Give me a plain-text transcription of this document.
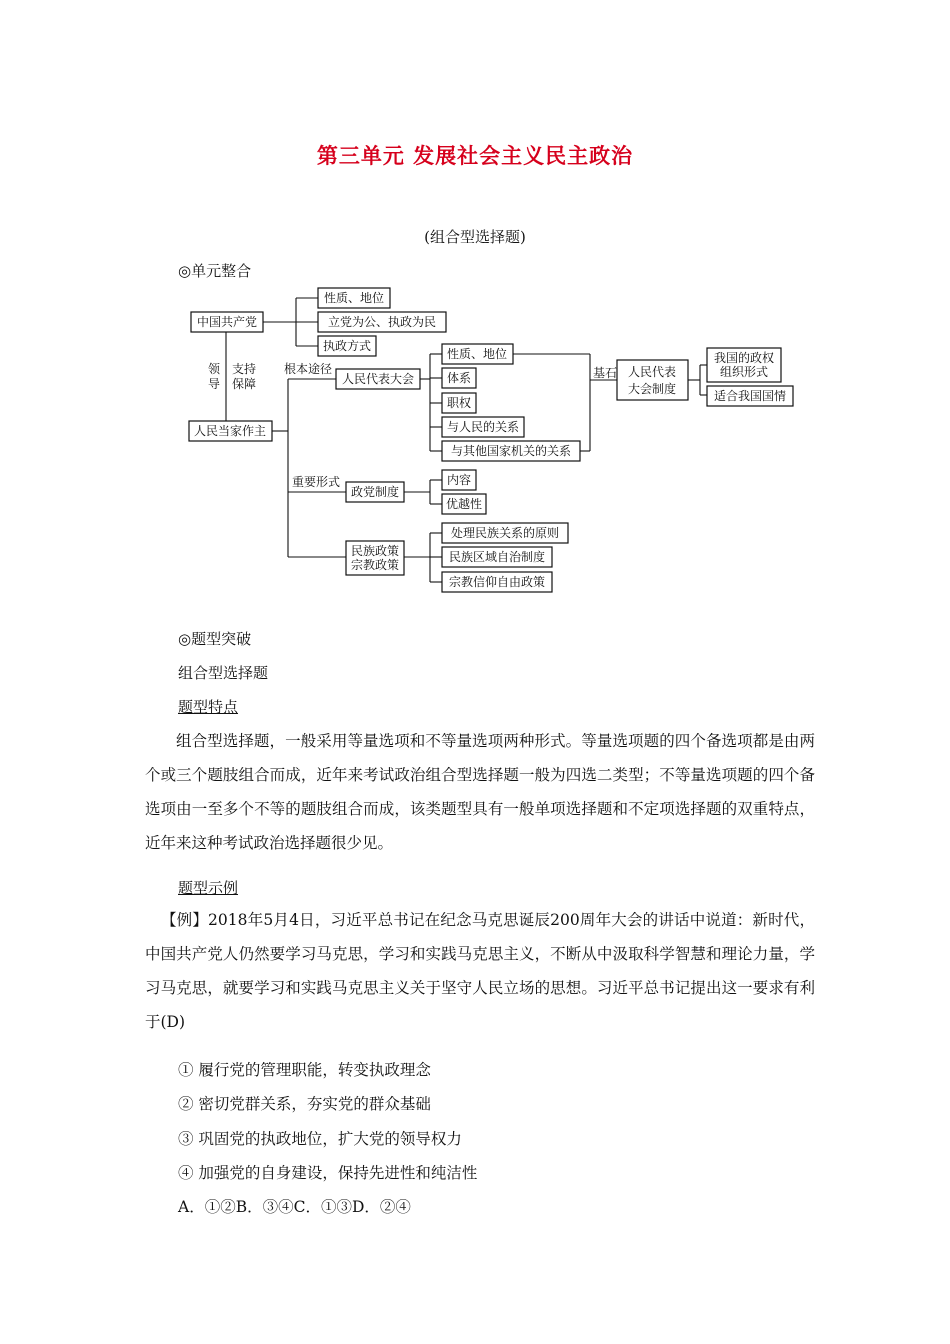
第三单元 发展社会主义民主政治
(组合型选择题)
◎单元整合
中国共产党
性质、地位
立党为公、执政为民
执政方式
领
导
支持
保障
人民当家作主
根本途径
人民代表大会
性质、地位
体系
职权
与人民的关系
与其他国家机关的关系
基石 人民代表
大会制度
我国的政权
组织形式
适合我国国情
重要形式
政党制度
内容
优越性
民族政策
宗教政策
处理民族关系的原则
民族区域自治制度
宗教信仰自由政策
◎题型突破
组合型选择题
题型特点
组合型选择题，一般采用等量选项和不等量选项两种形式。等量选项题的四个备选项都是由两个或三个题肢组合而成，近年来考试政治组合型选择题一般为四选二类型；不等量选项题的四个备选项由一至多个不等的题肢组合而成，该类题型具有一般单项选择题和不定项选择题的双重特点，近年来这种考试政治选择题很少见。
题型示例
【例】2018年5月4日，习近平总书记在纪念马克思诞辰200周年大会的讲话中说道：新时代，中国共产党人仍然要学习马克思，学习和实践马克思主义，不断从中汲取科学智慧和理论力量，学习马克思，就要学习和实践马克思主义关于坚守人民立场的思想。习近平总书记提出这一要求有利于(D)
① 履行党的管理职能，转变执政理念
② 密切党群关系，夯实党的群众基础
③ 巩固党的执政地位，扩大党的领导权力
④ 加强党的自身建设，保持先进性和纯洁性
A．①②B．③④C．①③D．②④
